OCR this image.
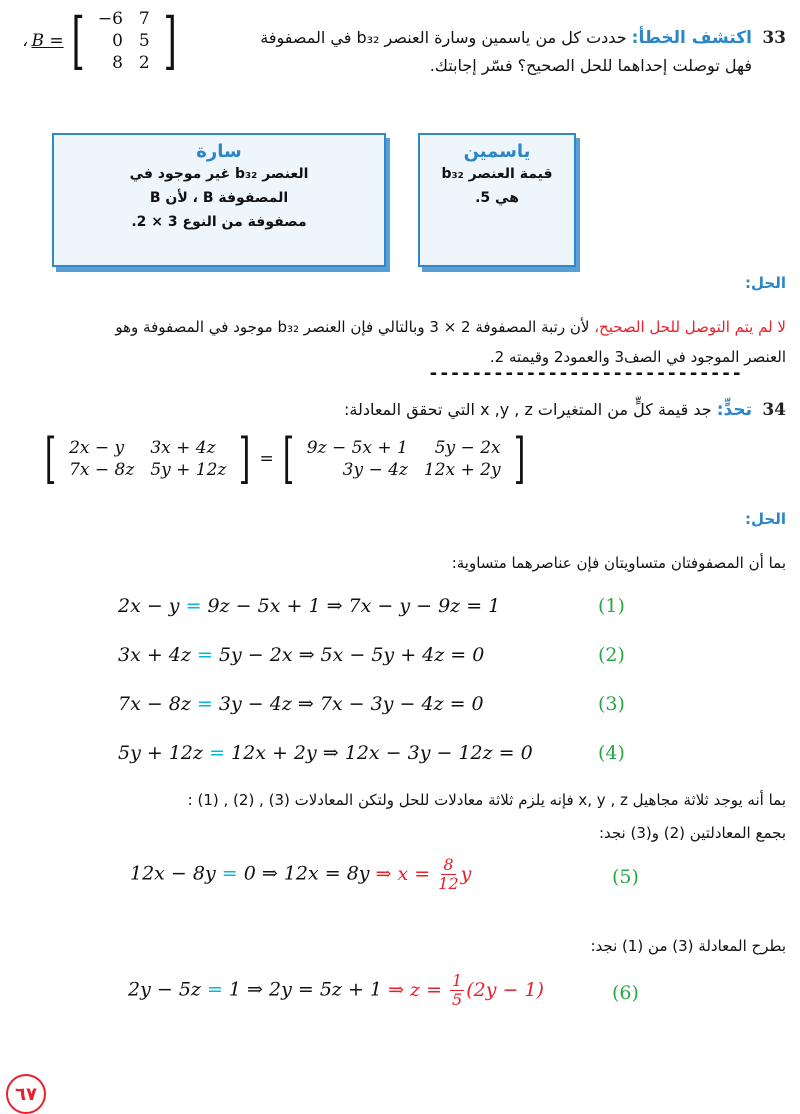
33
اكتشف الخطأ: حددت كل من ياسمين وسارة العنصر b₃₂ في المصفوفة
فهل توصلت إحداهما للحل الصحيح؟ فسّر إجابتك.
، B = [ −6	7
0	5
8	2 ]
سارة
العنصر b₃₂ غير موجود في
المصفوفة B ، لأن B
مصفوفة من النوع 3 × 2.
ياسمين
قيمة العنصر b₃₂
هي 5.
الحل:
لا لم يتم التوصل للحل الصحيح، لأن رتبة المصفوفة 2 × 3 وبالتالي فإن العنصر b₃₂ موجود في المصفوفة وهو
العنصر الموجود في الصف3 والعمود2 وقيمته 2.
-----------------------------
34
تحدٍّ: جد قيمة كلٍّ من المتغيرات x ,y , z التي تحقق المعادلة:
[ 2x − y	3x + 4z
7x − 8z	5y + 12z ] = [ 9z − 5x + 1	5y − 2x
3y − 4z	12x + 2y ]
الحل:
بما أن المصفوفتان متساويتان فإن عناصرهما متساوية:
2x − y = 9z − 5x + 1 ⇒ 7x − y − 9z = 1	(1)
3x + 4z = 5y − 2x ⇒ 5x − 5y + 4z = 0	(2)
7x − 8z = 3y − 4z ⇒ 7x − 3y − 4z = 0	(3)
5y + 12z = 12x + 2y ⇒ 12x − 3y − 12z = 0	(4)
بما أنه يوجد ثلاثة مجاهيل x, y , z فإنه يلزم ثلاثة معادلات للحل ولتكن المعادلات (3) , (2) , (1) :
بجمع المعادلتين (2) و(3) نجد:
12x − 8y = 0 ⇒ 12x = 8y ⇒ $x = \frac{8}{12}$ y	(5)
بطرح المعادلة (3) من (1) نجد:
2y − 5z = 1 ⇒ 2y = 5z + 1 ⇒ $z = \frac{1}{5} (2y - 1)$	(6)
٦٧
